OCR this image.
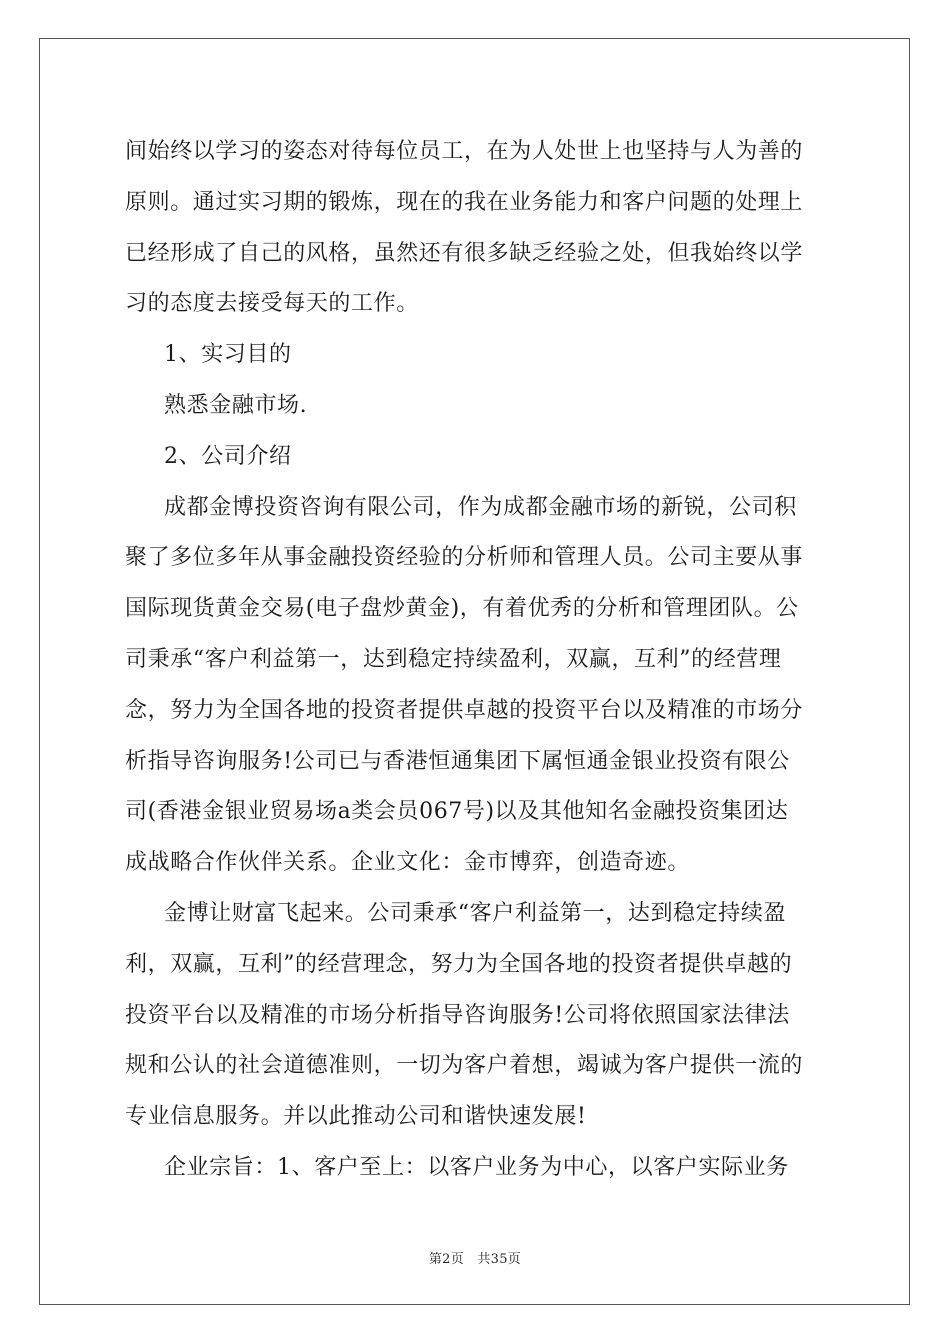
间始终以学习的姿态对待每位员工，在为人处世上也坚持与人为善的
原则。通过实习期的锻炼，现在的我在业务能力和客户问题的处理上
已经形成了自己的风格，虽然还有很多缺乏经验之处，但我始终以学
习的态度去接受每天的工作。
1、实习目的
熟悉金融市场.
2、公司介绍
成都金博投资咨询有限公司，作为成都金融市场的新锐，公司积
聚了多位多年从事金融投资经验的分析师和管理人员。公司主要从事
国际现货黄金交易(电子盘炒黄金)，有着优秀的分析和管理团队。公
司秉承“客户利益第一，达到稳定持续盈利，双赢，互利”的经营理
念，努力为全国各地的投资者提供卓越的投资平台以及精准的市场分
析指导咨询服务!公司已与香港恒通集团下属恒通金银业投资有限公
司(香港金银业贸易场a类会员067号)以及其他知名金融投资集团达
成战略合作伙伴关系。企业文化：金市博弈，创造奇迹。
金博让财富飞起来。公司秉承“客户利益第一，达到稳定持续盈
利，双赢，互利”的经营理念，努力为全国各地的投资者提供卓越的
投资平台以及精准的市场分析指导咨询服务!公司将依照国家法律法
规和公认的社会道德准则，一切为客户着想，竭诚为客户提供一流的
专业信息服务。并以此推动公司和谐快速发展!
企业宗旨：1、客户至上：以客户业务为中心，以客户实际业务
第2页 共35页
